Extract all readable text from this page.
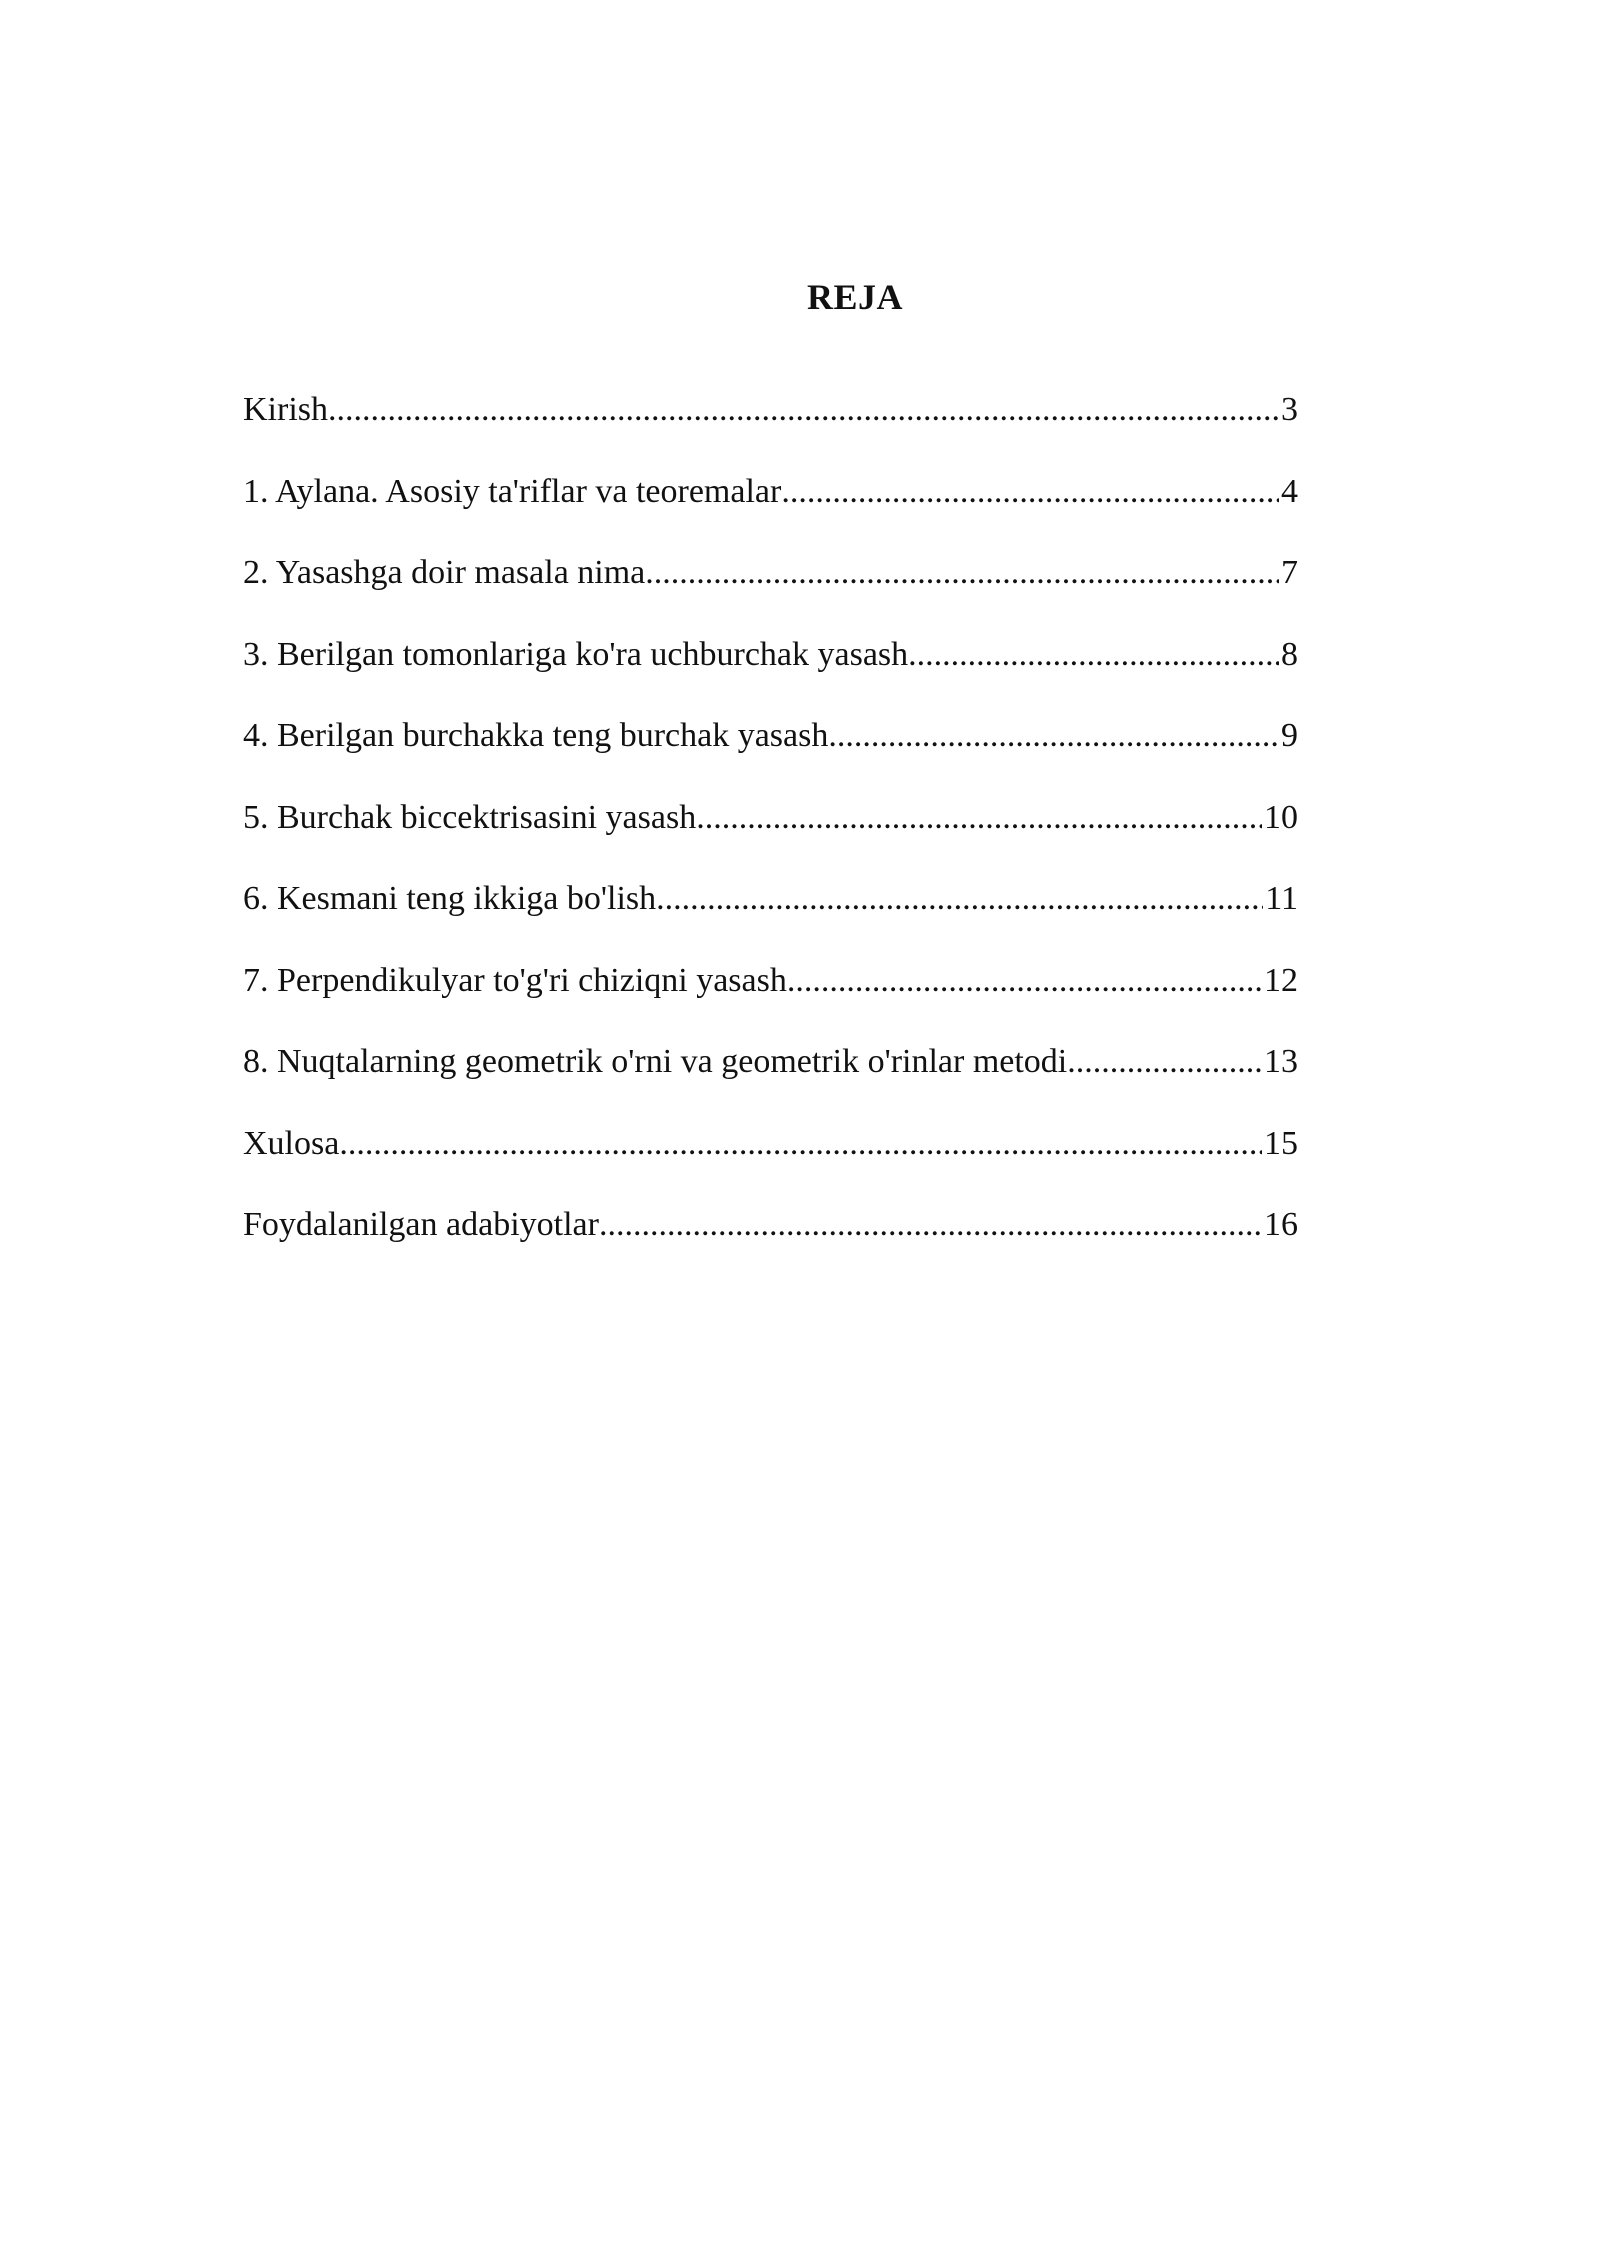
REJA
Kirish .....	3
1. Aylana. Asosiy ta'riflar va teoremalar .....	4
2. Yasashga doir masala nima .....	7
3. Berilgan tomonlariga ko'ra uchburchak yasash .....	8
4. Berilgan burchakka teng burchak yasash .....	9
5. Burchak biccektrisasini yasash .....	10
6. Kesmani teng ikkiga bo'lish .....	11
7. Perpendikulyar to'g'ri chiziqni yasash .....	12
8. Nuqtalarning geometrik o'rni va geometrik o'rinlar metodi .....	13
Xulosa .....	15
Foydalanilgan adabiyotlar .....	16
